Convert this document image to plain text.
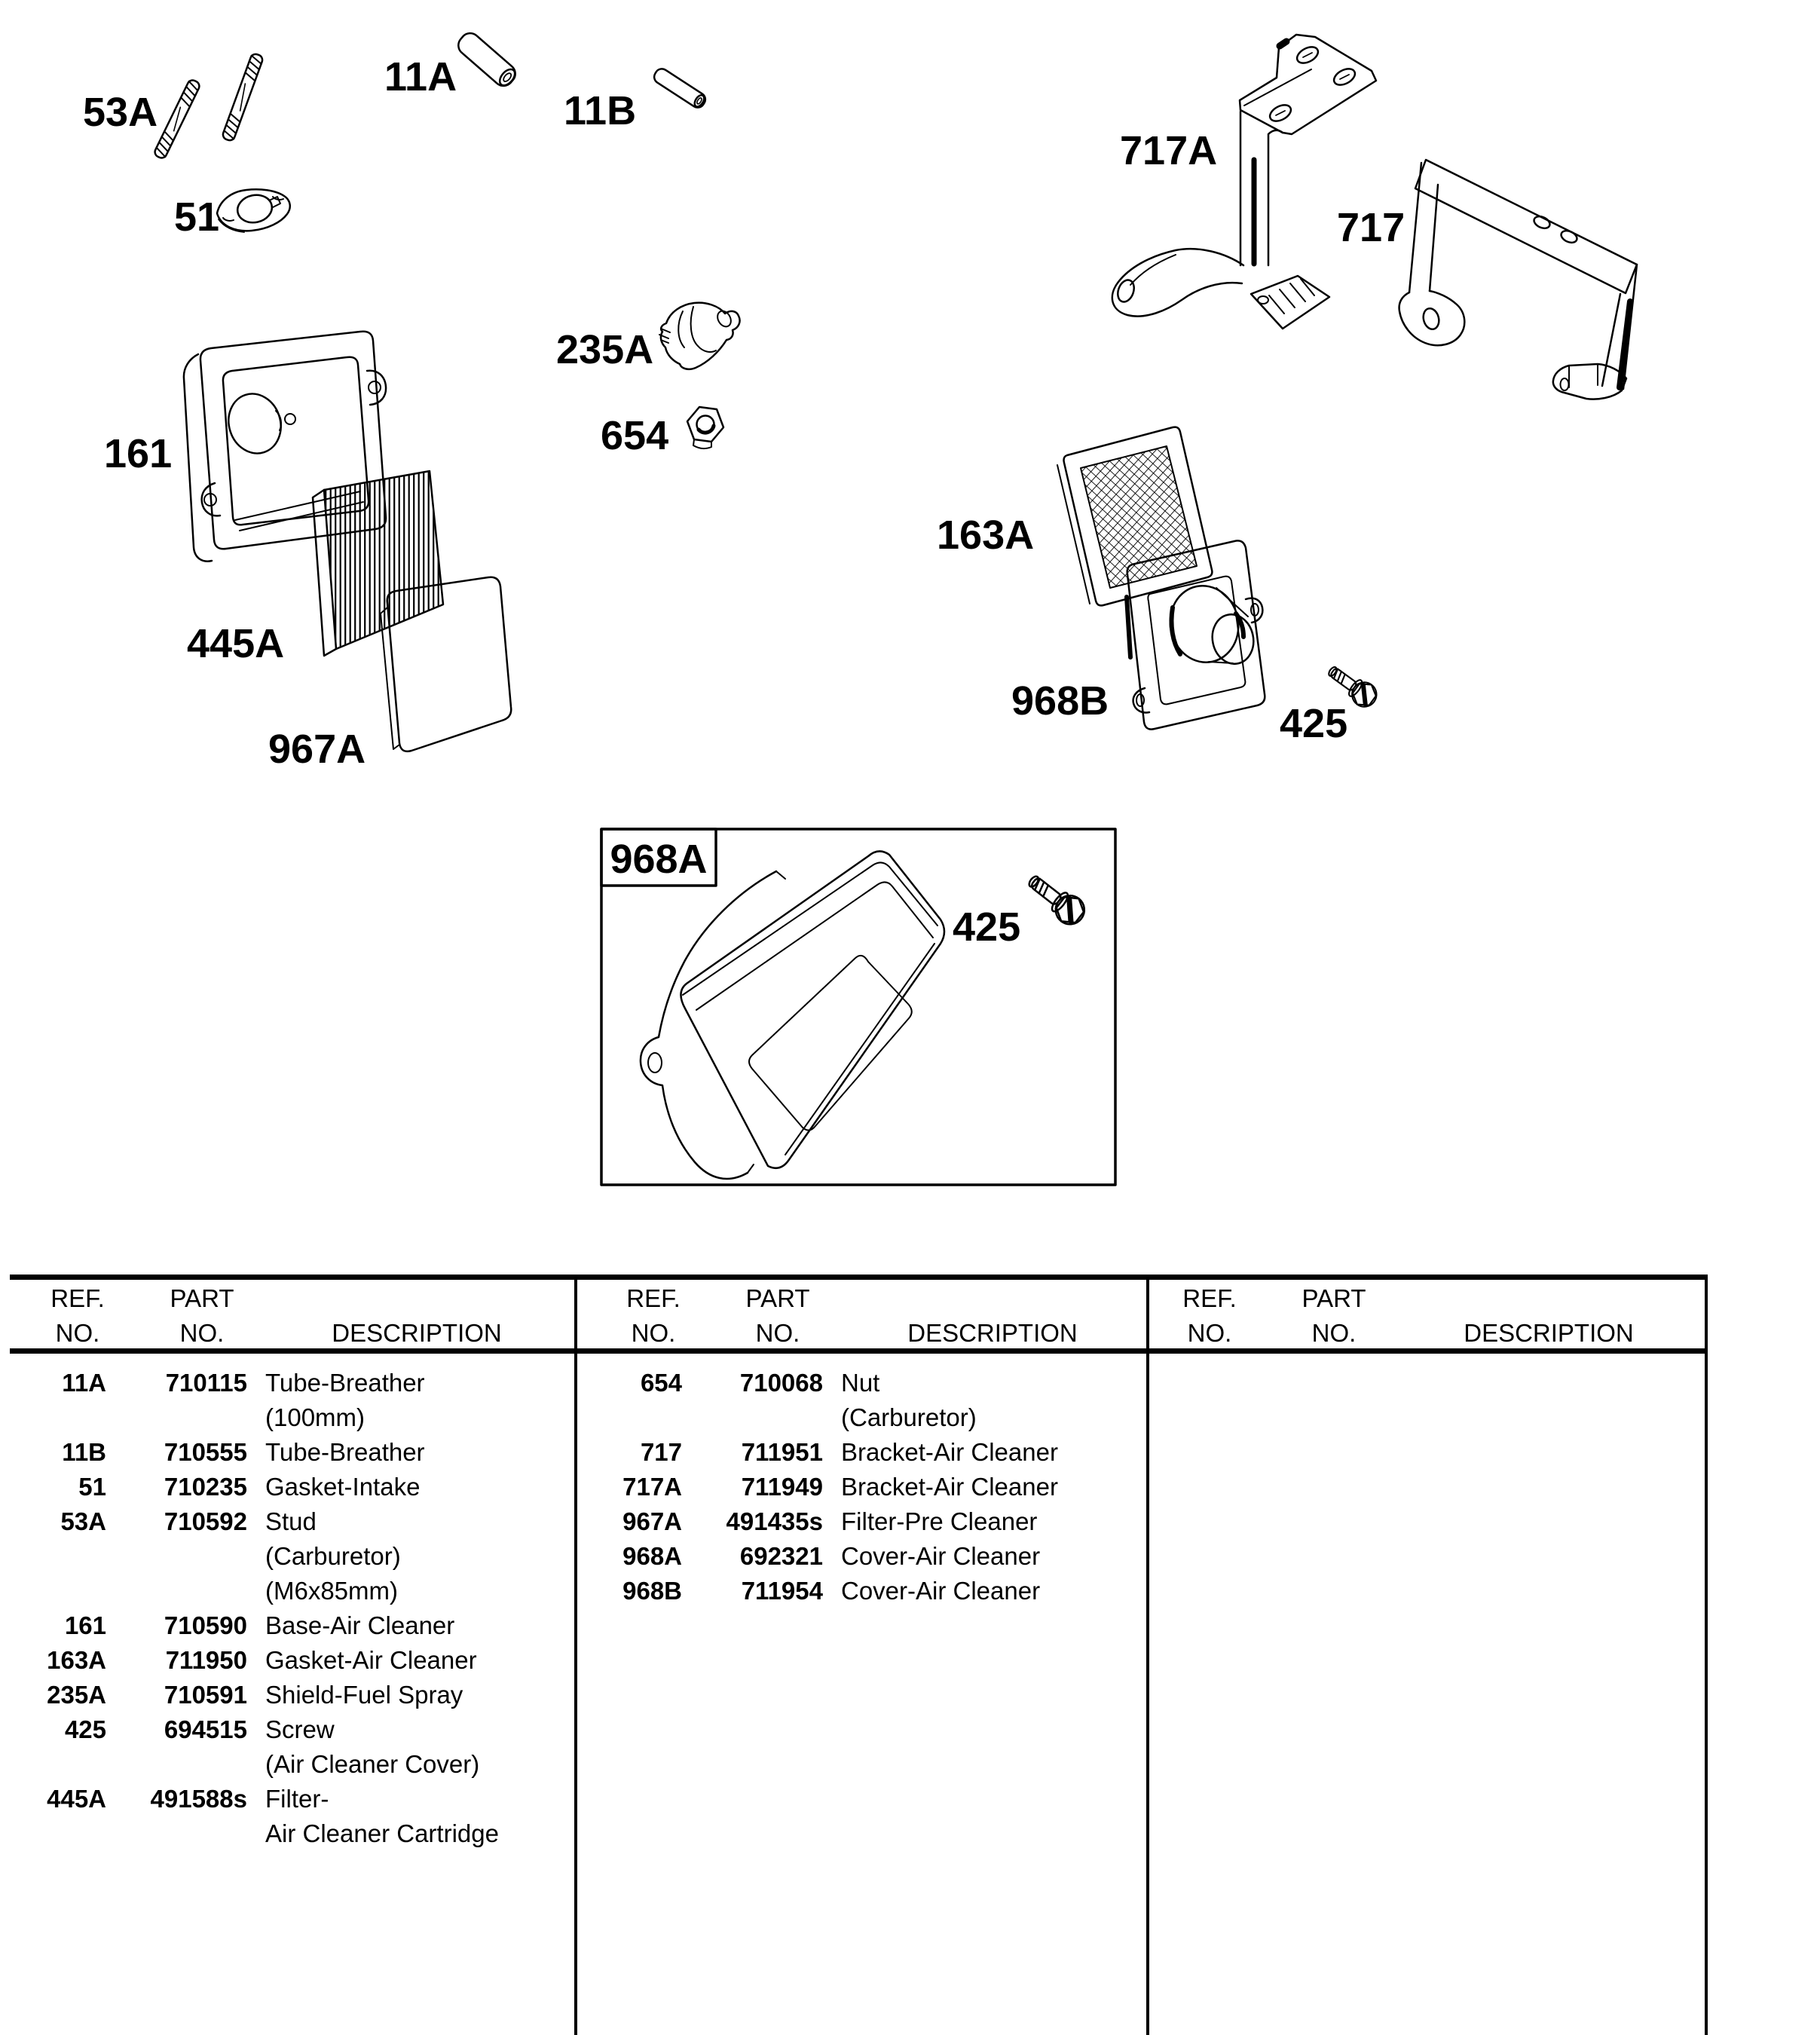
53A
11A
11B
51
161
235A
654
717A
717
163A
968B	425
445A
967A
968A
425
REF.
NO.
PART
NO.	DESCRIPTION
REF.
NO.
PART
NO.	DESCRIPTION
REF.
NO.
PART
NO.	DESCRIPTION
11A	710115 Tube-Breather
(100mm)
11B	710555 Tube-Breather
51	710235 Gasket-Intake
53A	710592 Stud
(Carburetor)
(M6x85mm)
161	710590 Base-Air Cleaner
163A	711950 Gasket-Air Cleaner
235A	710591 Shield-Fuel Spray
425	694515 Screw
(Air Cleaner Cover)
445A	491588s Filter-
Air Cleaner Cartridge
654	710068 Nut
(Carburetor)
717	711951 Bracket-Air Cleaner
717A	711949 Bracket-Air Cleaner
967A	491435s Filter-Pre Cleaner
968A	692321 Cover-Air Cleaner
968B	711954 Cover-Air Cleaner
